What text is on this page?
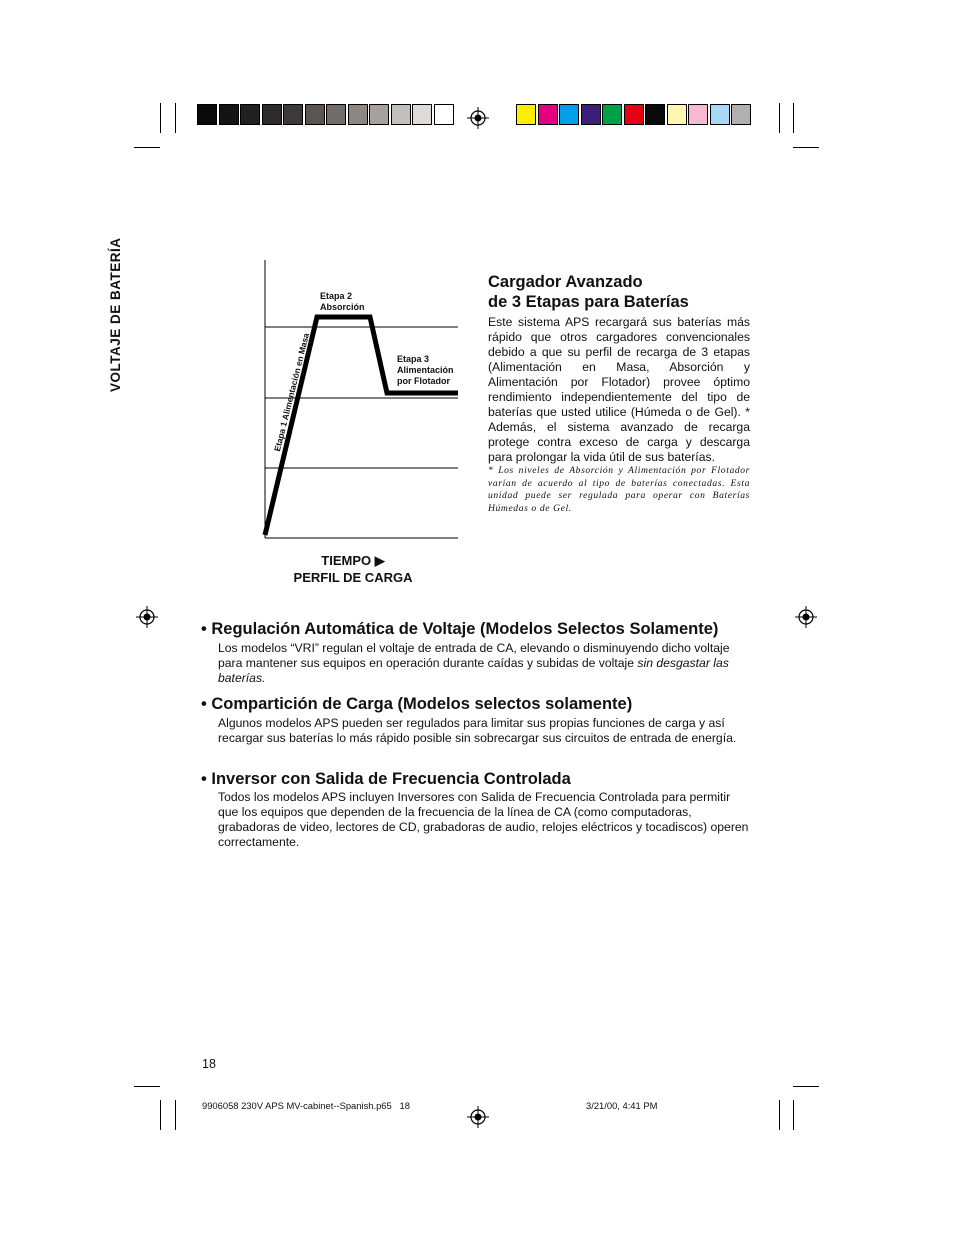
VOLTAJE DE BATERÍA
Etapa 1 Alimentación en Masa
Etapa 2
Absorción
Etapa 3
Alimentación
por Flotador
TIEMPO ▶
PERFIL DE CARGA
Cargador Avanzado
de 3 Etapas para Baterías
Este sistema APS recargará sus baterías más rápido que otros cargadores convencionales debido a que su perfil de recarga de 3 etapas (Alimentación en Masa, Absorción y Alimentación por Flotador) provee óptimo rendimiento independientemente del tipo de baterías que usted utilice (Húmeda o de Gel). * Además, el sistema avanzado de recarga protege contra exceso de carga y descarga para prolongar la vida útil de sus baterías.
* Los niveles de Absorción y Alimentación por Flotador varían de acuerdo al tipo de baterías conectadas. Esta unidad puede ser regulada para operar con Baterías Húmedas o de Gel.
• Regulación Automática de Voltaje (Modelos Selectos Solamente)
Los modelos “VRI” regulan el voltaje de entrada de CA, elevando o disminuyendo dicho voltaje para mantener sus equipos en operación durante caídas y subidas de voltaje sin desgastar las baterías.
• Compartición de Carga (Modelos selectos solamente)
Algunos modelos APS pueden ser regulados para limitar sus propias funciones de carga y así recargar sus baterías lo más rápido posible sin sobrecargar sus circuitos de entrada de energía.
• Inversor con Salida de Frecuencia Controlada
Todos los modelos APS incluyen Inversores con Salida de Frecuencia Controlada para permitir que los equipos que dependen de la frecuencia de la línea de CA (como computadoras, grabadoras de video, lectores de CD, grabadoras de audio, relojes eléctricos y tocadiscos) operen correctamente.
18
9906058 230V APS MV-cabinet--Spanish.p65   18	3/21/00, 4:41 PM
